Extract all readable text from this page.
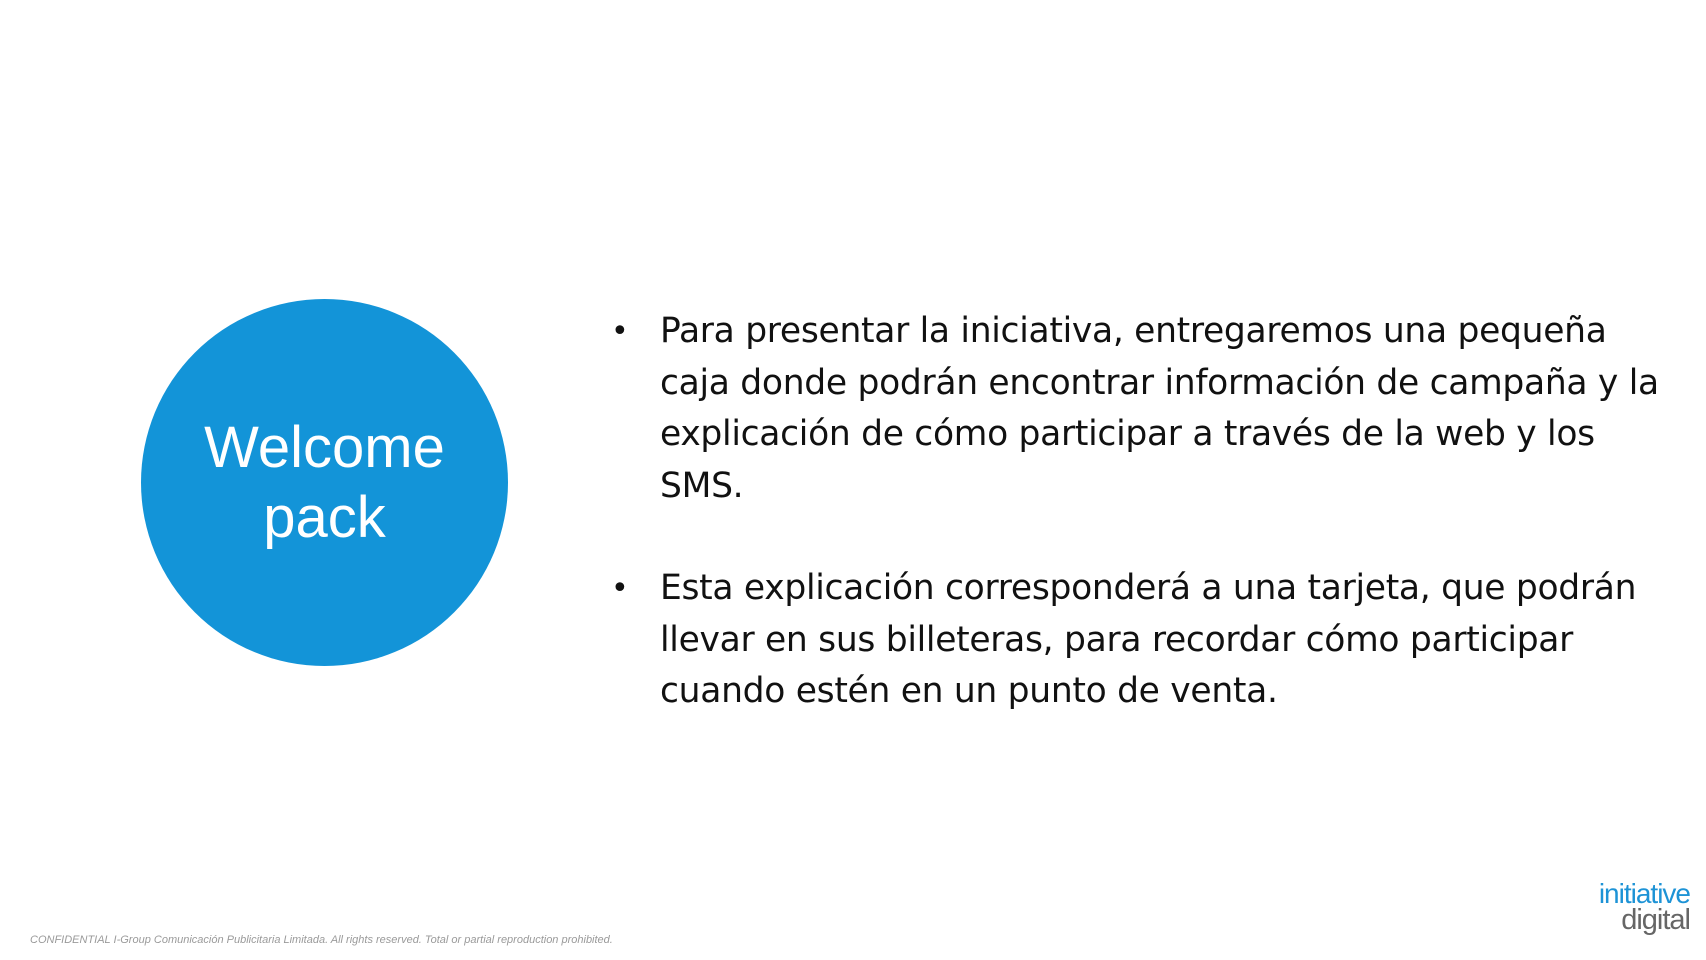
Welcome
pack
• Para presentar la iniciativa, entregaremos una pequeña caja donde podrán encontrar información de campaña y la explicación de cómo participar a través de la web y los SMS.
• Esta explicación corresponderá a una tarjeta, que podrán llevar en sus billeteras, para recordar cómo participar cuando estén en un punto de venta.
CONFIDENTIAL I-Group Comunicación Publicitaria Limitada. All rights reserved. Total or partial reproduction prohibited.
initiative
digital
